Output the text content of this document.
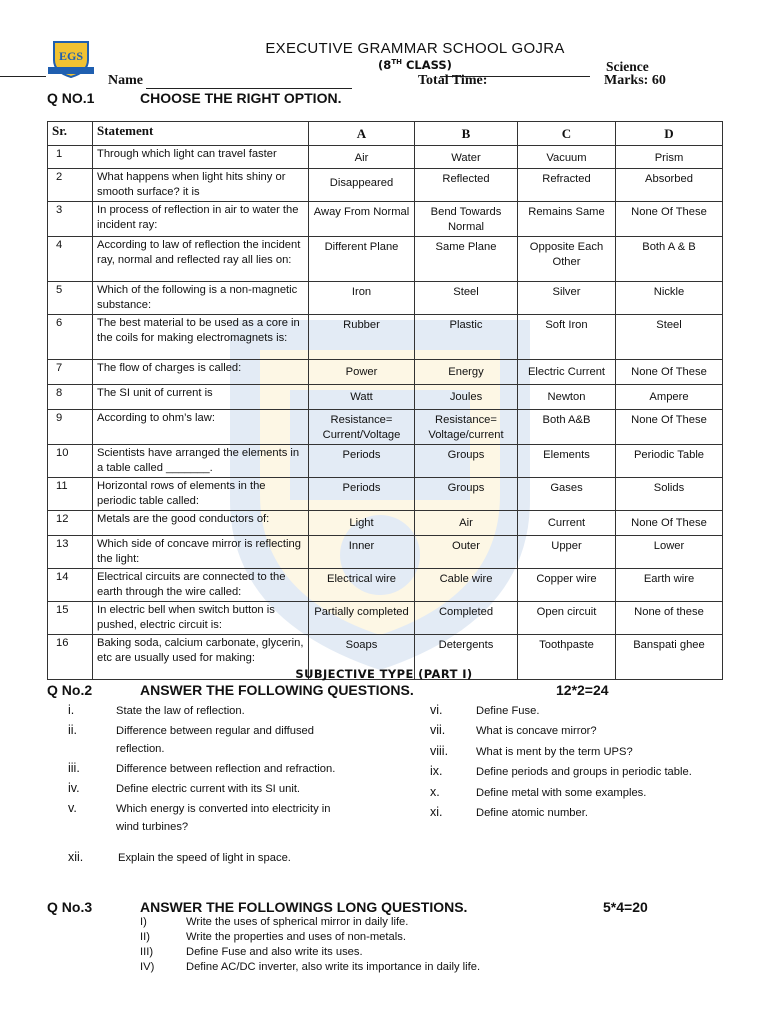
EGS	EXECUTIVE GRAMMAR SCHOOL GOJRA
(8TH CLASS)	Science
Name	Total Time:	Marks: 60
Q NO.1	CHOOSE THE RIGHT OPTION.
Sr.	Statement	A	B	C	D
1	Through which light can travel faster	Air	Water	Vacuum	Prism
2	What happens when light hits shiny or smooth surface? it is	Disappeared	Reflected	Refracted	Absorbed
3	In process of reflection in air to water the incident ray:	Away From Normal	Bend Towards Normal	Remains Same	None Of These
4	According to law of reflection the incident ray, normal and reflected ray all lies on:	Different Plane	Same Plane	Opposite Each Other	Both A & B
5	Which of the following is a non-magnetic substance:	Iron	Steel	Silver	Nickle
6	The best material to be used as a core in the coils for making electromagnets is:	Rubber	Plastic	Soft Iron	Steel
7	The flow of charges is called:	Power	Energy	Electric Current	None Of These
8	The SI unit of current is	Watt	Joules	Newton	Ampere
9	According to ohm’s law:	Resistance= Current/Voltage	Resistance= Voltage/current	Both A&B	None Of These
10	Scientists have arranged the elements in a table called _______.	Periods	Groups	Elements	Periodic Table
11	Horizontal rows of elements in the periodic table called:	Periods	Groups	Gases	Solids
12	Metals are the good conductors of:	Light	Air	Current	None Of These
13	Which side of concave mirror is reflecting the light:	Inner	Outer	Upper	Lower
14	Electrical circuits are connected to the earth through the wire called:	Electrical wire	Cable wire	Copper wire	Earth wire
15	In electric bell when switch button is pushed, electric circuit is:	Partially completed	Completed	Open circuit	None of these
16	Baking soda, calcium carbonate, glycerin, etc are usually used for making:	Soaps	Detergents	Toothpaste	Banspati ghee
SUBJECTIVE TYPE (PART I)
Q No.2	ANSWER THE FOLLOWING QUESTIONS.	12*2=24
i.	State the law of reflection.
ii.	Difference between regular and diffused reflection.
iii.	Difference between reflection and refraction.
iv.	Define electric current with its SI unit.
v.	Which energy is converted into electricity in wind turbines?
vi.	Define Fuse.
vii.	What is concave mirror?
viii. What is ment by the term UPS?
ix.	Define periods and groups in periodic table.
x.	Define metal with some examples.
xi.	Define atomic number.
xii.	Explain the speed of light in space.
Q No.3	ANSWER THE FOLLOWINGS LONG QUESTIONS.	5*4=20
I)	Write the uses of spherical mirror in daily life.
II)	Write the properties and uses of non-metals.
III)	Define Fuse and also write its uses.
IV)	Define AC/DC inverter, also write its importance in daily life.
